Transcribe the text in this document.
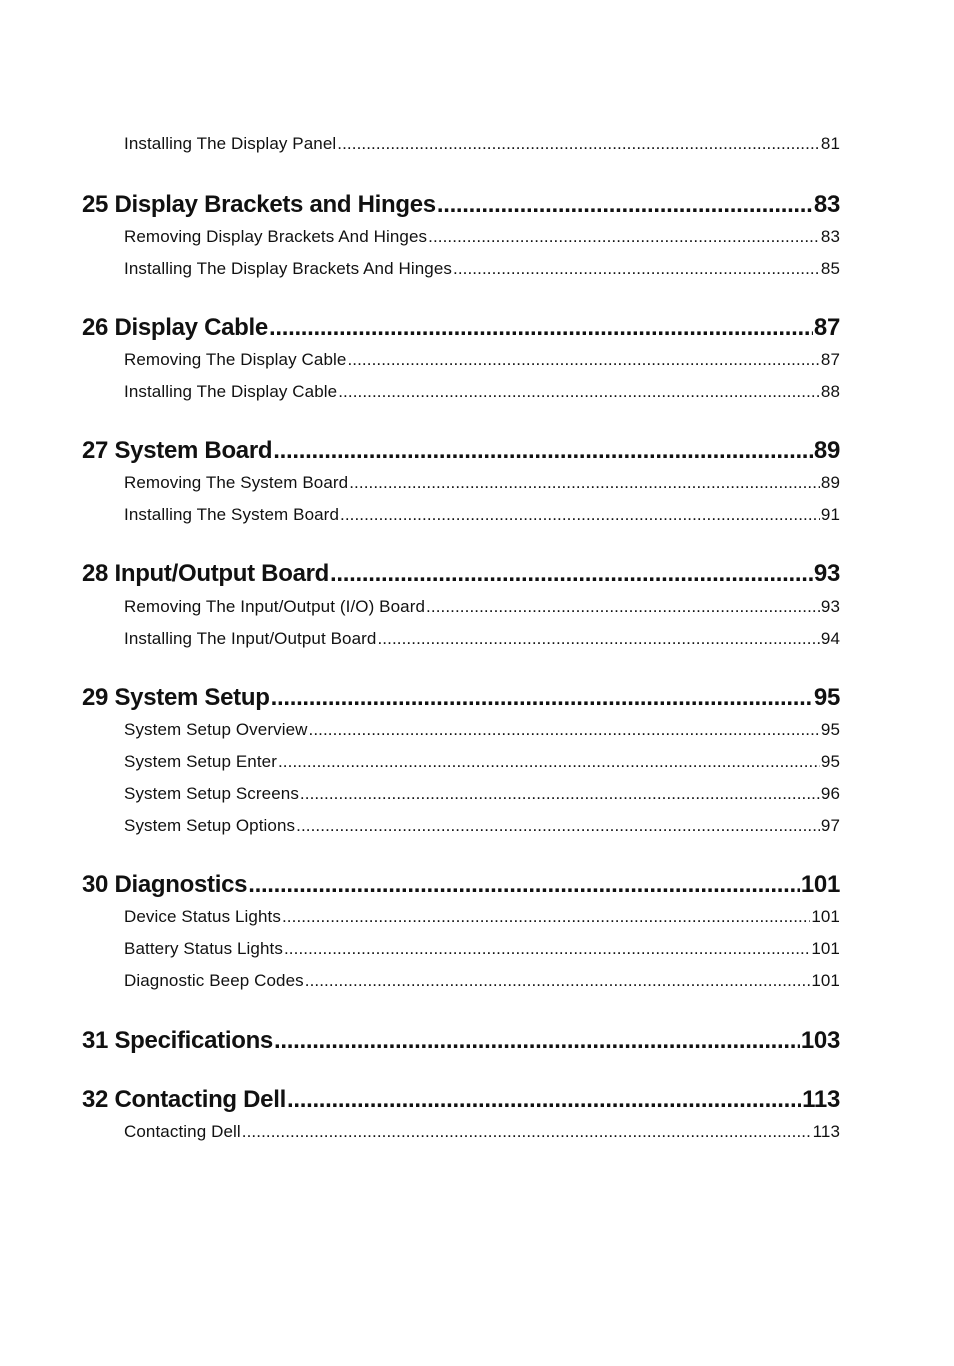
Installing The Display Panel .....	81
25 Display Brackets and Hinges .....	83
Removing Display Brackets And Hinges .....	83
Installing The Display Brackets And Hinges .....	85
26 Display Cable .....	87
Removing The Display Cable .....	87
Installing The Display Cable .....	88
27 System Board .....	89
Removing The System Board .....	89
Installing The System Board .....	91
28 Input/Output Board .....	93
Removing The Input/Output (I/O) Board .....	93
Installing The Input/Output Board .....	94
29 System Setup .....	95
System Setup Overview .....	95
System Setup Enter .....	95
System Setup Screens .....	96
System Setup Options .....	97
30 Diagnostics .....	101
Device Status Lights .....	101
Battery Status Lights .....	101
Diagnostic Beep Codes .....	101
31 Specifications .....	103
32 Contacting Dell .....	113
Contacting Dell .....	113
